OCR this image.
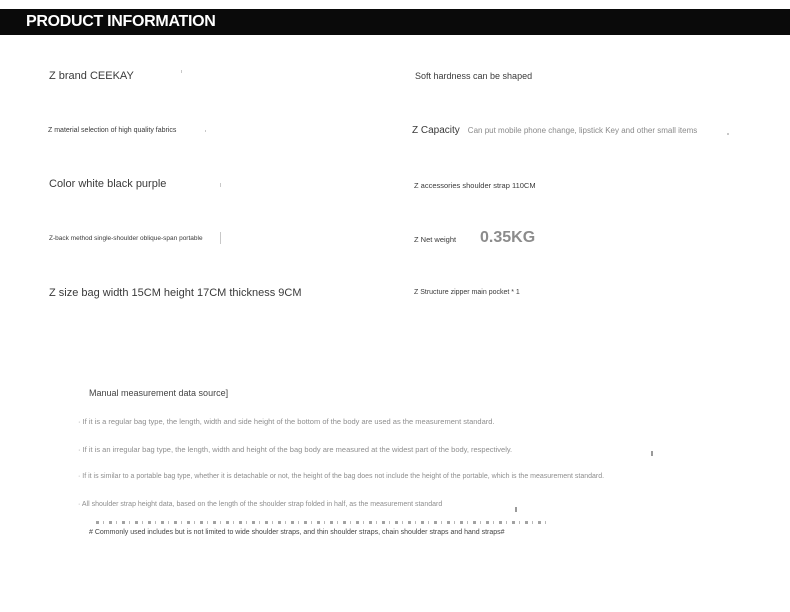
PRODUCT INFORMATION
Z brand CEEKAY
Z material selection of high quality fabrics
Color white black purple
Z-back method single-shoulder oblique-span portable
Z size bag width 15CM height 17CM thickness 9CM
Soft hardness can be shaped
Z Capacity Can put mobile phone change, lipstick Key and other small items
Z accessories shoulder strap 110CM
Z Net weight 0.35KG
Z Structure zipper main pocket * 1
Manual measurement data source]
· If it is a regular bag type, the length, width and side height of the bottom of the body are used as the measurement standard.
· If it is an irregular bag type, the length, width and height of the bag body are measured at the widest part of the body, respectively.
· If it is similar to a portable bag type, whether it is detachable or not, the height of the bag does not include the height of the portable, which is the measurement standard.
· All shoulder strap height data, based on the length of the shoulder strap folded in half, as the measurement standard
# Commonly used includes but is not limited to wide shoulder straps, and thin shoulder straps, chain shoulder straps and hand straps#
